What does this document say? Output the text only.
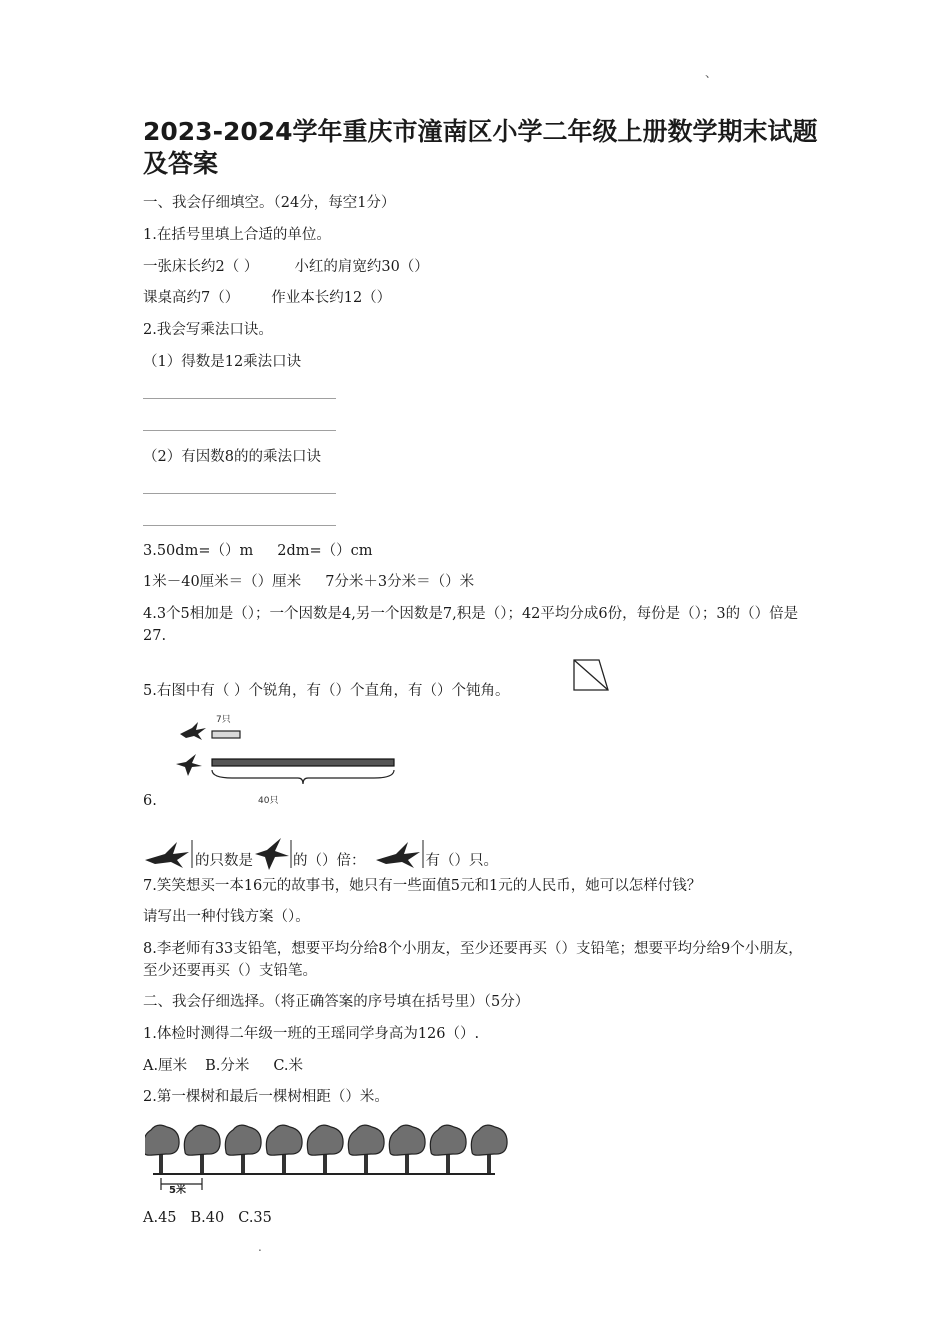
、
2023-2024学年重庆市潼南区小学二年级上册数学期末试题及答案

一、我会仔细填空。（24分，每空1分）

1.在括号里填上合适的单位。

一张床长约2（ ） 小红的肩宽约30（）

课桌高约7（） 作业本长约12（）

2.我会写乘法口诀。

（1）得数是12乘法口诀

（2）有因数8的的乘法口诀

3.50dm=（）m 2dm=（）cm

1米－40厘米＝（）厘米 7分米＋3分米＝（）米

4.3个5相加是（）；一个因数是4,另一个因数是7,积是（）；42平均分成6份，每份是（）；3的（）倍是27.

5.右图中有（ ）个锐角，有（）个直角，有（）个钝角。

7只
40只

6.

的只数是	的（）倍：	有（）只。

7.笑笑想买一本16元的故事书，她只有一些面值5元和1元的人民币，她可以怎样付钱？

请写出一种付钱方案（）。

8.李老师有33支铅笔，想要平均分给8个小朋友，至少还要再买（）支铅笔；想要平均分给9个小朋友，至少还要再买（）支铅笔。

二、我会仔细选择。（将正确答案的序号填在括号里）（5分）

1.体检时测得二年级一班的王瑶同学身高为126（）.

A.厘米 B.分米 C.米

2.第一棵树和最后一棵树相距（）米。

5米

A.45 B.40 C.35

.
